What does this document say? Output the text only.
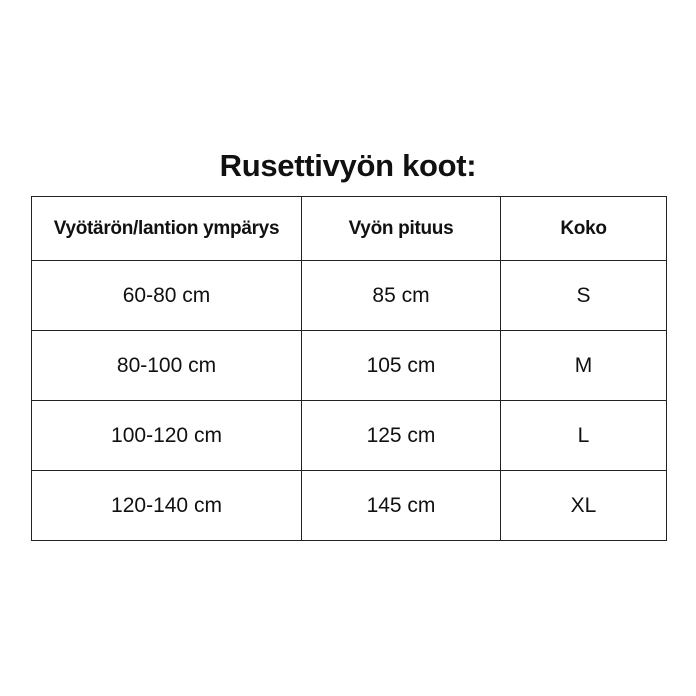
Rusettivyön koot:
Vyötärön/lantion ympärys	Vyön pituus	Koko
60-80 cm	85 cm	S
80-100 cm	105 cm	M
100-120 cm	125 cm	L
120-140 cm	145 cm	XL
